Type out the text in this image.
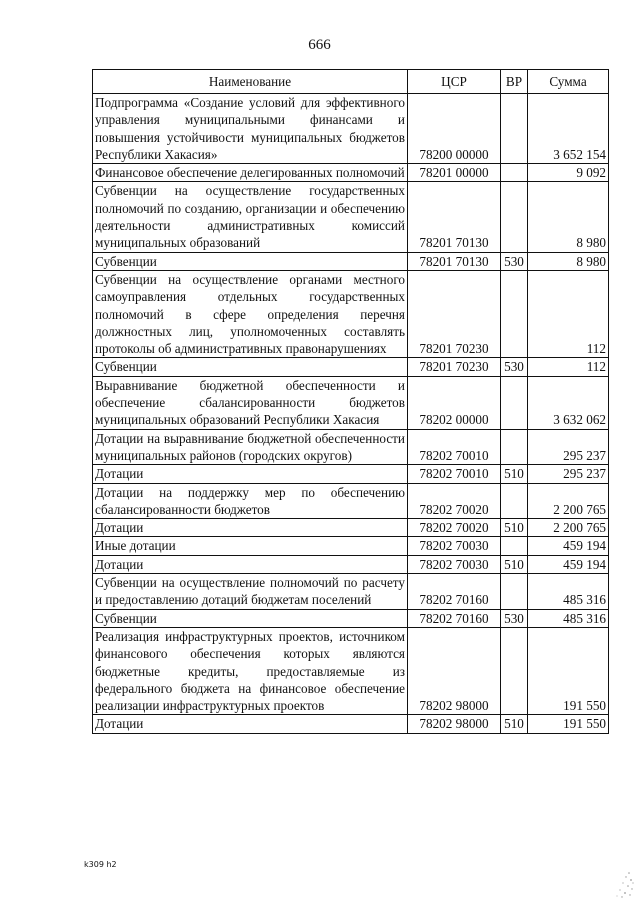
666
Наименование	ЦСР	ВР	Сумма
Подпрограмма «Создание условий для эффективного управления муниципальными финансами и повышения устойчивости муниципальных бюджетов Республики Хакасия»	78200 00000		3 652 154
Финансовое обеспечение делегированных полномочий	78201 00000		9 092
Субвенции на осуществление государственных полномочий по созданию, организации и обеспечению деятельности административных комиссий муниципальных образований	78201 70130		8 980
Субвенции	78201 70130	530	8 980
Субвенции на осуществление органами местного самоуправления отдельных государственных полномочий в сфере определения перечня должностных лиц, уполномоченных составлять протоколы об административных правонарушениях	78201 70230		112
Субвенции	78201 70230	530	112
Выравнивание бюджетной обеспеченности и обеспечение сбалансированности бюджетов муниципальных образований Республики Хакасия	78202 00000		3 632 062
Дотации на выравнивание бюджетной обеспеченности муниципальных районов (городских округов)	78202 70010		295 237
Дотации	78202 70010	510	295 237
Дотации на поддержку мер по обеспечению сбалансированности бюджетов	78202 70020		2 200 765
Дотации	78202 70020	510	2 200 765
Иные дотации	78202 70030		459 194
Дотации	78202 70030	510	459 194
Субвенции на осуществление полномочий по расчету и предоставлению дотаций бюджетам поселений	78202 70160		485 316
Субвенции	78202 70160	530	485 316
Реализация инфраструктурных проектов, источником финансового обеспечения которых являются бюджетные кредиты, предоставляемые из федерального бюджета на финансовое обеспечение реализации инфраструктурных проектов	78202 98000		191 550
Дотации	78202 98000	510	191 550
k309 h2
